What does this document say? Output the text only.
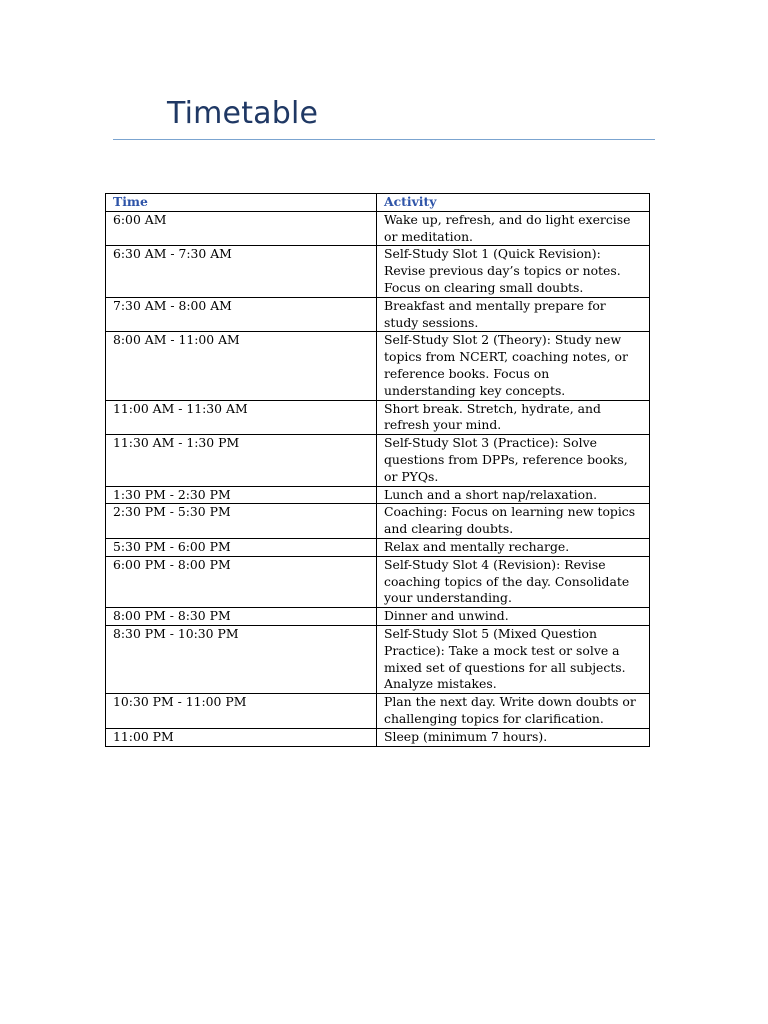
Timetable
Time	Activity
6:00 AM	Wake up, refresh, and do light exercise or meditation.
6:30 AM - 7:30 AM	Self-Study Slot 1 (Quick Revision): Revise previous day’s topics or notes. Focus on clearing small doubts.
7:30 AM - 8:00 AM	Breakfast and mentally prepare for study sessions.
8:00 AM - 11:00 AM	Self-Study Slot 2 (Theory): Study new topics from NCERT, coaching notes, or reference books. Focus on understanding key concepts.
11:00 AM - 11:30 AM	Short break. Stretch, hydrate, and refresh your mind.
11:30 AM - 1:30 PM	Self-Study Slot 3 (Practice): Solve questions from DPPs, reference books, or PYQs.
1:30 PM - 2:30 PM	Lunch and a short nap/relaxation.
2:30 PM - 5:30 PM	Coaching: Focus on learning new topics and clearing doubts.
5:30 PM - 6:00 PM	Relax and mentally recharge.
6:00 PM - 8:00 PM	Self-Study Slot 4 (Revision): Revise coaching topics of the day. Consolidate your understanding.
8:00 PM - 8:30 PM	Dinner and unwind.
8:30 PM - 10:30 PM	Self-Study Slot 5 (Mixed Question Practice): Take a mock test or solve a mixed set of questions for all subjects. Analyze mistakes.
10:30 PM - 11:00 PM	Plan the next day. Write down doubts or challenging topics for clarification.
11:00 PM	Sleep (minimum 7 hours).
